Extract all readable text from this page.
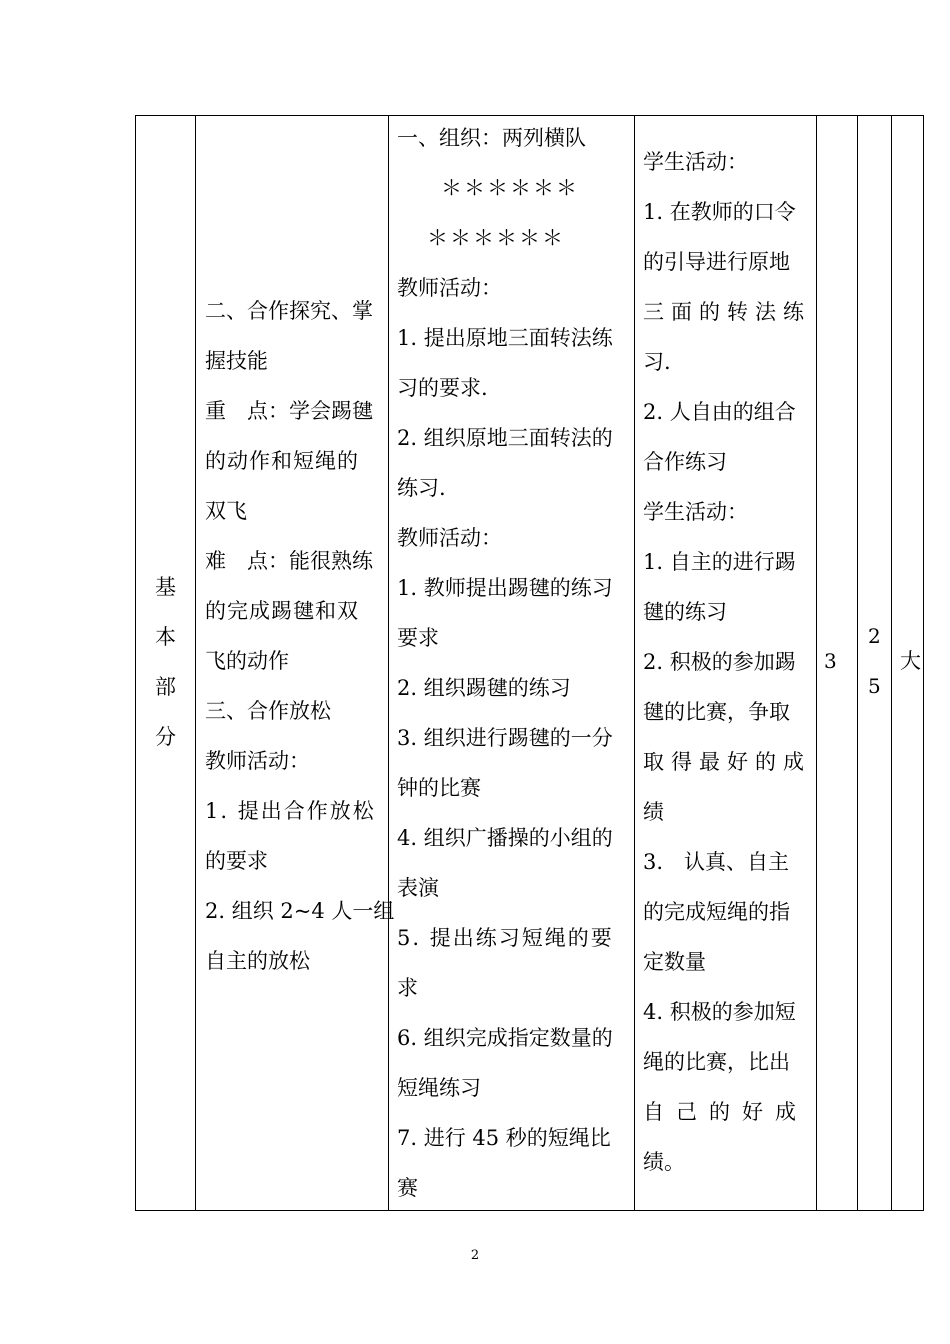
基
本
部
分
二、合作探究、掌
握技能
重　点：学会踢毽
的动作和短绳的
双飞
难　点：能很熟练
的完成踢毽和双
飞的动作
三、合作放松
教师活动：
1. 提出合作放松
的要求
2. 组织 2~4 人一组
自主的放松
一、组织：两列横队
＊＊＊＊＊＊
＊＊＊＊＊＊
教师活动：
1. 提出原地三面转法练
习的要求.
2. 组织原地三面转法的
练习.
教师活动：
1. 教师提出踢毽的练习
要求
2. 组织踢毽的练习
3. 组织进行踢毽的一分
钟的比赛
4. 组织广播操的小组的
表演
5. 提出练习短绳的要
求
6. 组织完成指定数量的
短绳练习
7. 进行 45 秒的短绳比
赛
学生活动：
1. 在教师的口令
的引导进行原地
三面的转法练
习.
2. 人自由的组合
合作练习
学生活动：
1. 自主的进行踢
毽的练习
2. 积极的参加踢
毽的比赛，争取
取得最好的成
绩
3.　认真、自主
的完成短绳的指
定数量
4. 积极的参加短
绳的比赛，比出
自己的好成
绩。
3
2
5
大
2
